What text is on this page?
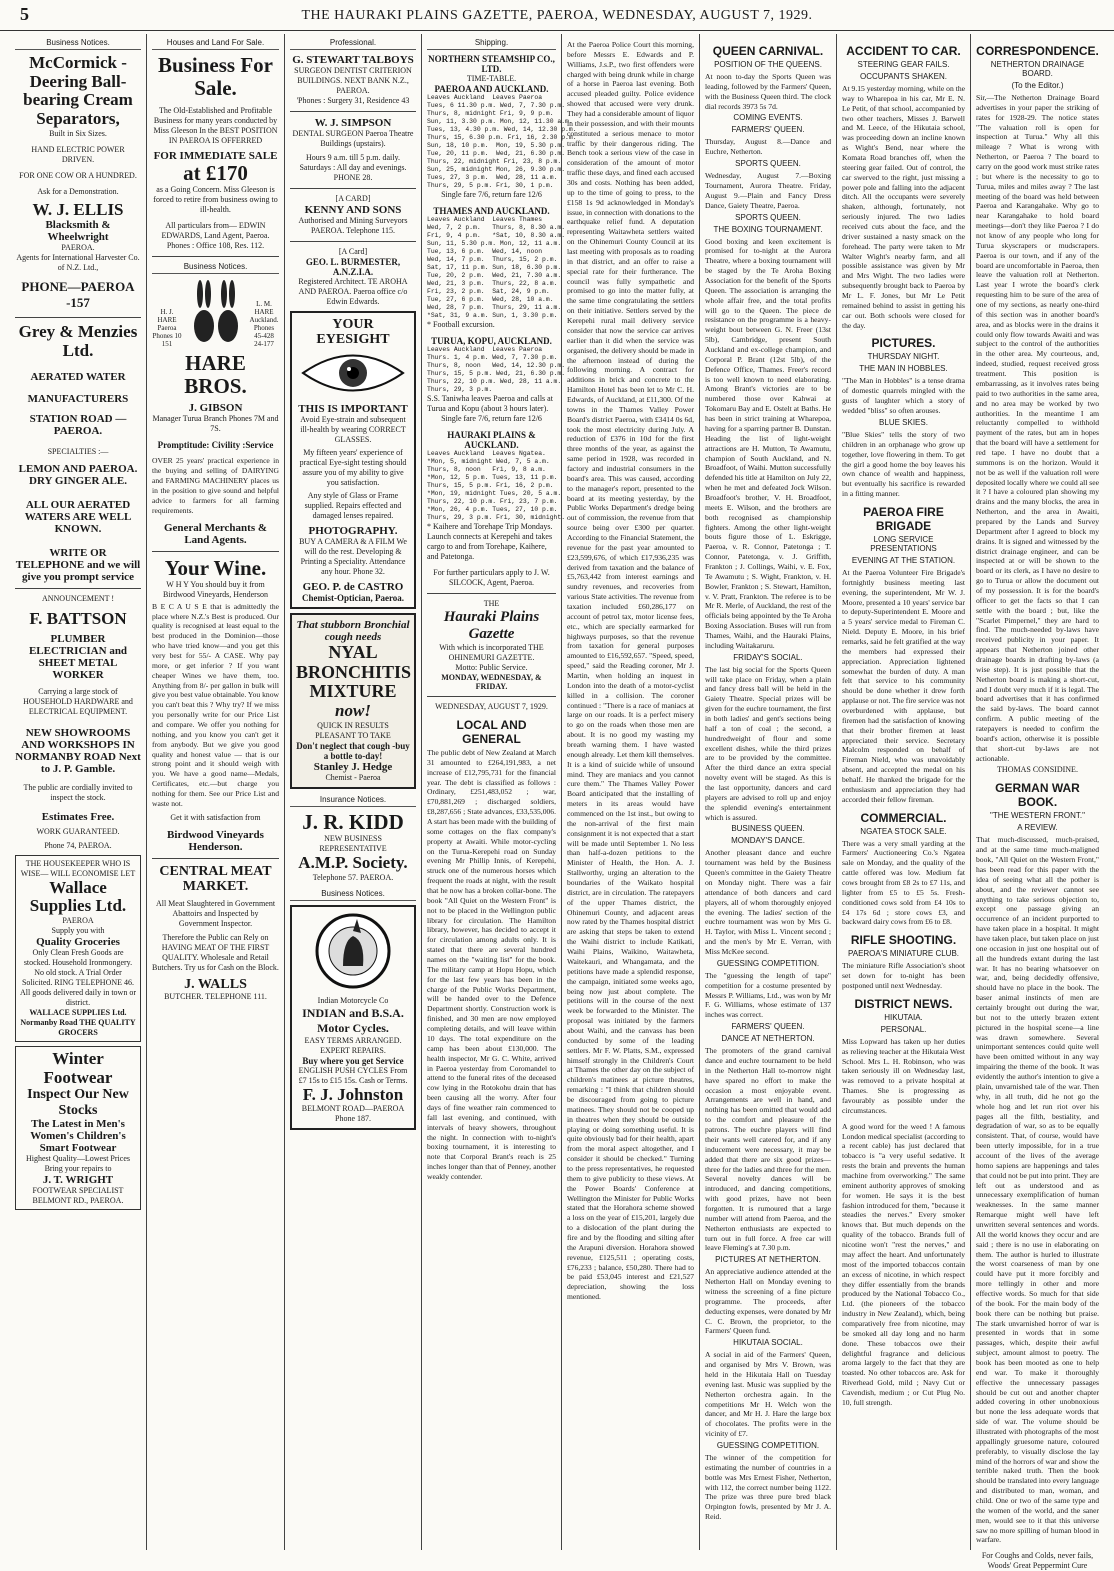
5	THE HAURAKI PLAINS GAZETTE, PAEROA, WEDNESDAY, AUGUST 7, 1929.
Business Notices.
McCormick - Deering Ball-bearing Cream Separators,
Built in Six Sizes.
HAND ELECTRIC POWER DRIVEN.
FOR ONE COW OR A HUNDRED.
Ask for a Demonstration.
W. J. ELLIS
Blacksmith & Wheelwright
PAEROA.
Agents for International Harvester Co. of N.Z. Ltd.,
PHONE—PAEROA -157
Grey & Menzies Ltd.
AERATED WATER
MANUFACTURERS
STATION ROAD — PAEROA.
SPECIALTIES :—
LEMON AND PAEROA. DRY GINGER ALE.
ALL OUR AERATED WATERS ARE WELL KNOWN.
WRITE OR TELEPHONE and we will give you prompt service
ANNOUNCEMENT !
F. BATTSON
PLUMBER ELECTRICIAN and SHEET METAL WORKER
Carrying a large stock of HOUSEHOLD HARDWARE and ELECTRICAL EQUIPMENT.
NEW SHOWROOMS AND WORKSHOPS IN NORMANBY ROAD Next to J. P. Gamble.
The public are cordially invited to inspect the stock.
Estimates Free.
WORK GUARANTEED.
Phone 74, PAEROA.
THE HOUSEKEEPER WHO IS WISE— WILL ECONOMISE LET
Wallace Supplies Ltd.
PAEROA
Supply you with
Quality Groceries
Only Clean Fresh Goods are stocked. Household Ironmongery. No old stock. A Trial Order Solicited. RING TELEPHONE 46.
All goods delivered daily in town or district.
WALLACE SUPPLIES Ltd. Normanby Road THE QUALITY GROCERS
Winter Footwear
Inspect Our New Stocks
The Latest in Men's Women's Children's Smart Footwear
Highest Quality—Lowest Prices
Bring your repairs to
J. T. WRIGHT
FOOTWEAR SPECIALIST BELMONT RD., PAEROA.
Houses and Land For Sale.
Business For Sale.
The Old-Established and Profitable Business for many years conducted by Miss Gleeson In the BEST POSITION IN PAEROA IS OFFERRED
FOR IMMEDIATE SALE
at £170
as a Going Concern. Miss Gleeson is forced to retire from business owing to ill-health.
All particulars from— EDWIN EDWARDS, Land Agent, Paeroa. Phones : Office 108, Res. 112.
Business Notices.
H. J. HARE Paeroa Phones 10 151
L. M. HARE Auckland. Phones 45-428 24-177
HARE BROS.
J. GIBSON
Manager Turua Branch Phones 7M and 7S.
Promptitude: Civility :Service
OVER 25 years' practical experience in the buying and selling of DAIRYING and FARMING MACHINERY places us in the position to give sound and helpful advice to farmers for all farming requirements.
General Merchants & Land Agents.
Your Wine.
W H Y You should buy it from Birdwood Vineyards, Henderson
B E C A U S E that is admittedly the place where N.Z.'s Best is produced. Our quality is recognised at least equal to the best produced in the Dominion—those who have tried know—and you get this very best for 55/- A CASE. Why pay more, or get inferior ? If you want cheaper Wines we have them, too. Anything from 8/- per gallon in bulk will give you best value obtainable. You know you can't beat this ? Why try? If we miss you personally write for our Price List and compare. We offer you nothing for nothing, and you know you can't get it from anybody. But we give you good quality and honest value — that is our strong point and it should weigh with you. We have a good name—Medals, Certificates, etc.—but charge you nothing for them. See our Price List and waste not.
Get it with satisfaction from
Birdwood Vineyards Henderson.
CENTRAL MEAT MARKET.
All Meat Slaughtered in Government Abattoirs and Inspected by Government Inspector.
Therefore the Public can Rely on HAVING MEAT OF THE FIRST QUALITY. Wholesale and Retail Butchers. Try us for Cash on the Block.
J. WALLS
BUTCHER. TELEPHONE 111.
Professional.
G. STEWART TALBOYS
SURGEON DENTIST CRITERION BUILDINGS. NEXT BANK N.Z., PAEROA.
'Phones : Surgery 31, Residence 43
W. J. SIMPSON
DENTAL SURGEON Paeroa Theatre Buildings (upstairs).
Hours 9 a.m. till 5 p.m. daily. Saturdays : All day and evenings.
PHONE 28.
[A CARD]
KENNY AND SONS
Authorised and Mining Surveyors PAEROA. Telephone 115.
[A Card]
GEO. L. BURMESTER, A.N.Z.I.A.
Registered Architect. TE AROHA AND PAEROA. Paeroa office c/o Edwin Edwards.
YOUR EYESIGHT
THIS IS IMPORTANT
Avoid Eye-strain and subsequent ill-health by wearing CORRECT GLASSES.
My fifteen years' experience of practical Eye-sight testing should assure you of my ability to give you satisfaction.
Any style of Glass or Frame supplied. Repairs effected and damaged lenses repaired.
PHOTOGRAPHY.
BUY A CAMERA & A FILM We will do the rest. Developing & Printing a Speciality. Attendance any hour. Phone 32.
GEO. P. de CASTRO
Chemist-Optician, Paeroa.
That stubborn Bronchial cough needs
NYAL BRONCHITIS MIXTURE
now!
QUICK IN RESULTS PLEASANT TO TAKE
Don't neglect that cough -buy a bottle to-day!
Stanley J. Hedge
Chemist - Paeroa
Insurance Notices.
J. R. KIDD
NEW BUSINESS REPRESENTATIVE
A.M.P. Society.
Telephone 57. PAEROA.
Business Notices.
Indian Motorcycle Co
INDIAN and B.S.A. Motor Cycles.
EASY TERMS ARRANGED. EXPERT REPAIRS.
Buy where you get Service
ENGLISH PUSH CYCLES From £7 15s to £15 15s. Cash or Terms.
F. J. Johnston
BELMONT ROAD—PAEROA Phone 187.
Shipping.
NORTHERN STEAMSHIP CO., LTD.
TIME-TABLE.
PAEROA AND AUCKLAND.
Leaves Auckland  Leaves Paeroa
Tues, 6 11.30 p.m. Wed, 7, 7.30 p.m.
Thurs, 8, midnight Fri, 9, 9 p.m.
Sun, 11, 3.30 p.m. Mon, 12, 11.30 a.m.
Tues, 13, 4.30 p.m. Wed, 14, 12.30 p.m.
Thurs, 15, 6.30 p.m. Fri, 16, 2.30 p.m.
Sun, 18, 10 p.m.  Mon, 19, 5.30 p.m.
Tue, 20, 11 p.m.  Wed, 21, 6.30 p.m.
Thurs, 22, midnight Fri, 23, 8 p.m.
Sun, 25, midnight Mon, 26, 9.30 p.m.
Tues, 27, 3 p.m.  Wed, 28, 11 a.m.
Thurs, 29, 5 p.m. Fri, 30, 1 p.m.
Single fare 7/6, return fare 12/6
THAMES AND AUCKLAND.
Leaves Auckland  Leaves Thames
Wed, 7, 2 p.m.   Thurs, 8, 8.30 a.m.
Fri, 9, 4 p.m.   *Sat, 10, 8.30 a.m.
Sun, 11, 5.30 p.m. Mon, 12, 11 a.m.
Tue, 13, 6 p.m.  Wed, 14, noon
Wed, 14, 7 p.m.  Thurs, 15, 2 p.m.
Sat, 17, 11 p.m. Sun, 18, 6.30 p.m.
Tue, 20, 2 p.m.  Wed, 21, 7.30 a.m.
Wed, 21, 3 p.m.  Thurs, 22, 8 a.m.
Fri, 23, 2 p.m.  Sat, 24, 9 p.m.
Tue, 27, 6 p.m.  Wed, 28, 10 a.m.
Wed, 28, 7 p.m.  Thurs, 29, 11 a.m.
*Sat, 31, 9 a.m. Sun, 1, 3.30 p.m.
* Football excursion.
TURUA, KOPU, AUCKLAND.
Leaves Auckland  Leaves Paeroa
Thurs. 1, 4 p.m. Wed, 7, 7.30 p.m.
Thurs, 8, noon   Wed, 14, 12.30 p.m.
Thurs, 15, 5 p.m. Wed, 21, 6.30 p.m.
Thurs, 22, 10 p.m. Wed, 28, 11 a.m.
Thurs, 29, 3 p.m.
S.S. Taniwha leaves Paeroa and calls at Turua and Kopu (about 3 hours later).
Single fare 7/6, return fare 12/6
HAURAKI PLAINS & AUCKLAND.
Leaves Auckland  Leaves Ngatea.
*Mon, 5, midnight Wed, 7, 5 a.m.
Thurs, 8, noon   Fri, 9, 8 a.m.
*Mon, 12, 5 p.m. Tues, 13, 11 p.m.
Thurs, 15, 5 p.m. Fri, 16, 2 p.m.
*Mon, 19, midnight Tues, 20, 5 a.m.
Thurs, 22, 10 p.m. Fri, 23, 7 p.m.
*Mon, 26, 4 p.m. Tues, 27, 10 p.m.
Thurs, 29, 3 p.m. Fri, 30, midnight.
* Kaihere and Torehape Trip Mondays. Launch connects at Kerepehi and takes cargo to and from Torehape, Kaihere, and Patetonga.
For further particulars apply to J. W. SILCOCK, Agent, Paeroa.
THE
Hauraki Plains Gazette
With which is incorporated THE OHINEMURI GAZETTE.
Motto: Public Service.
MONDAY, WEDNESDAY, & FRIDAY.
WEDNESDAY, AUGUST 7, 1929.
LOCAL AND GENERAL
The public debt of New Zealand at March 31 amounted to £264,191,983, a net increase of £12,795,731 for the financial year. The debt is classified as follows : Ordinary, £251,483,052 ; war, £70,881,269 ; discharged soldiers, £8,287,656 ; State advances, £33,535,006. A start has been made with the building of some cottages on the flax company's property at Awaiti. While motor-cycling on the Turua-Kerepehi road on Sunday evening Mr Phillip Innis, of Kerepehi, struck one of the numerous horses which frequent the roads at night, with the result that he now has a broken collar-bone. The book "All Quiet on the Western Front" is not to be placed in the Wellington public library for circulation. The Hamilton library, however, has decided to accept it for circulation among adults only. It is stated that there are several hundred names on the "waiting list" for the book. The military camp at Hopu Hopu, which for the last few years has been in the charge of the Public Works Department, will be handed over to the Defence Department shortly. Construction work is finished, and 30 men are now employed completing details, and will leave within 10 days. The total expenditure on the camp has been about £130,000. The health inspector, Mr G. C. White, arrived in Paeroa yesterday from Coromandel to attend to the funeral rites of the deceased cow lying in the Rotokohu drain that has been causing all the worry. After four days of fine weather rain commenced to fall last evening, and continued, with intervals of heavy showers, throughout the night. In connection with to-night's boxing tournament, it is interesting to note that Corporal Brant's reach is 25 inches longer than that of Penney, another weakly contender.
At the Paeroa Police Court this morning, before Messrs E. Edwards and P. Williams, J.s.P., two first offenders were charged with being drunk while in charge of a horse in Paeroa last evening. Both accused pleaded guilty. Police evidence showed that accused were very drunk. They had a considerable amount of liquor in their possession, and with their mounts constituted a serious menace to motor traffic by their dangerous riding. The Bench took a serious view of the case in consideration of the amount of motor traffic these days, and fined each accused 30s and costs. Nothing has been added, up to the time of going to press, to the £158 1s 9d acknowledged in Monday's issue, in connection with donations to the earthquake relief fund. A deputation representing Waitawheta settlers waited on the Ohinemuri County Council at its last meeting with proposals as to roading in that district, and an offer to raise a special rate for their furtherance. The council was fully sympathetic and promised to go into the matter fully, at the same time congratulating the settlers on their initiative. Settlers served by the Kerepehi rural mail delivery service consider that now the service car arrives earlier than it did when the service was organised, the delivery should be made in the afternoon instead of during the following morning. A contract for additions in brick and concrete to the Hamilton Hotel has been let to Mr C. H. Edwards, of Auckland, at £11,300. Of the towns in the Thames Valley Power Board's district Paeroa, with £3414 0s 6d, took the most electricity during July. A reduction of £376 in 10d for the first three months of the year, as against the same period in 1928, was recorded in factory and industrial consumers in the board's area. This was caused, according to the manager's report, presented to the board at its meeting yesterday, by the Public Works Department's dredge being out of commission, the revenue from that source being over £300 per quarter. According to the Financial Statement, the revenue for the past year amounted to £23,599,676, of which £17,936,235 was derived from taxation and the balance of £5,763,442 from interest earnings and sundry revenues, and recoveries from various State activities. The revenue from taxation included £60,286,177 on account of petrol tax, motor license fees, etc., which are specially earmarked for highways purposes, so that the revenue from taxation for general purposes amounted to £16,592,657. "Speed, speed, speed," said the Reading coroner, Mr J. Martin, when holding an inquest in London into the death of a motor-cyclist killed in a collision. The coroner continued : "There is a race of maniacs at large on our roads. It is a perfect misery to go on the roads when those men are about. It is no good my wasting my breath warning them. I have wasted enough already. Let them kill themselves. It is a kind of suicide while of unsound mind. They are maniacs and you cannot cure them." The Thames Valley Power Board anticipated that the installing of meters in its areas would have commenced on the 1st inst., but owing to the non-arrival of the first main consignment it is not expected that a start will be made until September 1. No less than half-a-dozen petitions to the Minister of Health, the Hon. A. J. Stallworthy, urging an alteration to the boundaries of the Waikato hospital district, are in circulation. The ratepayers of the upper Thames district, the Ohinemuri County, and adjacent areas now rated by the Thames hospital district are asking that steps be taken to extend the Waihi district to include Katikati, Waihi Plains, Waikino, Waitawheta, Waitekauri, and Whangamata, and the petitions have made a splendid response, the campaign, initiated some weeks ago, being now just about complete. The petitions will in the course of the next week be forwarded to the Minister. The proposal was initiated by the farmers about Waihi, and the canvass has been conducted by some of the leading settlers. Mr F. W. Platts, S.M., expressed himself strongly in the Children's Court at Thames the other day on the subject of children's matinees at picture theatres, remarking : "I think that children should be discouraged from going to picture matinees. They should not be cooped up in theatres when they should be outside playing or doing something useful. It is quite obviously bad for their health, apart from the moral aspect altogether, and I consider it should be checked." Turning to the press representatives, he requested them to give publicity to these views. At the Power Boards' Conference at Wellington the Minister for Public Works stated that the Horahora scheme showed a loss on the year of £15,201, largely due to a dislocation of the plant during the fire and by the flooding and silting after the Arapuni diversion. Horahora showed revenue, £125,511 ; operating costs, £76,233 ; balance, £50,280. There had to be paid £53,045 interest and £21,527 depreciation, showing the loss mentioned.
QUEEN CARNIVAL.
POSITION OF THE QUEENS.
At noon to-day the Sports Queen was leading, followed by the Farmers' Queen, with the Business Queen third. The clock dial records 3973 5s 7d.
COMING EVENTS.
FARMERS' QUEEN.
Thursday, August 8.—Dance and Euchre, Netherton.
SPORTS QUEEN.
Wednesday, August 7.—Boxing Tournament, Aurora Theatre. Friday, August 9.—Plain and Fancy Dress Dance, Gaiety Theatre, Paeroa.
SPORTS QUEEN.
THE BOXING TOURNAMENT.
Good boxing and keen excitement is promised for to-night at the Aurora Theatre, where a boxing tournament will be staged by the Te Aroha Boxing Association for the benefit of the Sports Queen. The association is arranging the whole affair free, and the total profits will go to the Queen. The piece de resistance on the programme is a heavy-weight bout between G. N. Freer (13st 5lb), Cambridge, present South Auckland and ex-college champion, and Corporal P. Brant (12st 5lb), of the Defence Office, Thames. Freer's record is too well known to need elaborating. Among Brant's victories are to be numbered those over Kahwai at Tokomaru Bay and E. Ostelt at Baths. He has been in strict training at Wharepoa, having for a sparring partner B. Dunstan. Heading the list of light-weight attractions are H. Mutton, Te Awamutu, champion of South Auckland, and N. Broadfoot, of Waihi. Mutton successfully defended his title at Hamilton on July 22, when he met and defeated Jock Wilson. Broadfoot's brother, V. H. Broadfoot, meets E. Wilson, and the brothers are both recognised as championship fighters. Among the other light-weight bouts figure those of L. Eskrigge, Paeroa, v. R. Connor, Patetonga ; T. Connor, Patetonga, v. J. Griffith, Frankton ; J. Collings, Waihi, v. E. Fox, Te Awamutu ; S. Wight, Frankton, v. H. Bowler, Frankton ; S. Stewart, Hamilton, v. V. Pratt, Frankton. The referee is to be Mr R. Merle, of Auckland, the rest of the officials being appointed by the Te Aroha Boxing Association. Buses will run from Thames, Waihi, and the Hauraki Plains, including Waitakaruru.
FRIDAY'S SOCIAL.
The last big social for the Sports Queen will take place on Friday, when a plain and fancy dress ball will be held in the Gaiety Theatre. Special prizes will be given for the euchre tournament, the first in both ladies' and gent's sections being half a ton of coal ; the second, a hundredweight of flour and some excellent dishes, while the third prizes are to be provided by the committee. After the third dance an extra special novelty event will be staged. As this is the last opportunity, dancers and card players are advised to roll up and enjoy the splendid evening's entertainment which is assured.
BUSINESS QUEEN.
MONDAY'S DANCE.
Another pleasant dance and euchre tournament was held by the Business Queen's committee in the Gaiety Theatre on Monday night. There was a fair attendance of both dancers and card players, all of whom thoroughly enjoyed the evening. The ladies' section of the euchre tournament was won by Mrs G. H. Taylor, with Miss L. Vincent second ; and the men's by Mr E. Verran, with Miss McKee second.
GUESSING COMPETITION.
The "guessing the length of tape" competition for a costume presented by Messrs P. Williams, Ltd., was won by Mr F. G. Williams, whose estimate of 137 inches was correct.
FARMERS' QUEEN.
DANCE AT NETHERTON.
The promoters of the grand carnival dance and euchre tournament to be held in the Netherton Hall to-morrow night have spared no effort to make the occasion a most enjoyable event. Arrangements are well in hand, and nothing has been omitted that would add to the comfort and pleasure of the patrons. The euchre players will find their wants well catered for, and if any inducement were necessary, it may be added that there are six good prizes—three for the ladies and three for the men. Several novelty dances will be introduced, and dancing competitions, with good prizes, have not been forgotten. It is rumoured that a large number will attend from Paeroa, and the Netherton enthusiasts are expected to turn out in full force. A free car will leave Fleming's at 7.30 p.m.
PICTURES AT NETHERTON.
An appreciative audience attended at the Netherton Hall on Monday evening to witness the screening of a fine picture programme. The proceeds, after deducting expenses, were donated by Mr C. C. Brown, the proprietor, to the Farmers' Queen fund.
HIKUTAIA SOCIAL.
A social in aid of the Farmers' Queen, and organised by Mrs V. Brown, was held in the Hikutaia Hall on Tuesday evening last. Music was supplied by the Netherton orchestra again. In the competitions Mr H. Welch won the dancer, and Mr H. J. Hare the large box of chocolates. The profits were in the vicinity of £7.
GUESSING COMPETITION.
The winner of the competition for estimating the number of countries in a bottle was Mrs Ernest Fisher, Netherton, with 112, the correct number being 1122. The prize was three pure bred black Orpington fowls, presented by Mr J. A. Reid.
ACCIDENT TO CAR.
STEERING GEAR FAILS.
OCCUPANTS SHAKEN.
At 9.15 yesterday morning, while on the way to Wharepoa in his car, Mr E. N. Le Petit, of that school, accompanied by two other teachers, Misses J. Barwell and M. Leece, of the Hikutaia school, was proceeding down an incline known as Wight's Bend, near where the Komata Road branches off, when the steering gear failed. Out of control, the car swerved to the right, just missing a power pole and falling into the adjacent ditch. All the occupants were severely shaken, although, fortunately, not seriously injured. The two ladies received cuts about the face, and the driver sustained a nasty smack on the forehead. The party were taken to Mr Walter Wight's nearby farm, and all possible assistance was given by Mr and Mrs Wight. The two ladies were subsequently brought back to Paeroa by Mr L. F. Jones, but Mr Le Petit remained behind to assist in getting his car out. Both schools were closed for the day.
PICTURES.
THURSDAY NIGHT.
THE MAN IN HOBBLES.
"The Man in Hobbles" is a tense drama of domestic quarrels mingled with the gusts of laughter which a story of wedded "bliss" so often arouses.
BLUE SKIES.
"Blue Skies" tells the story of two children in an orphanage who grow up together, love flowering in them. To get the girl a good home the boy leaves his own chance of wealth and happiness, but eventually his sacrifice is rewarded in a fitting manner.
PAEROA FIRE BRIGADE
LONG SERVICE PRESENTATIONS
EVENING AT THE STATION.
At the Paeroa Volunteer Fire Brigade's fortnightly business meeting last evening, the superintendent, Mr W. J. Moore, presented a 10 years' service bar to deputy-Superintendent E. Moore and a 5 years' service medal to Fireman C. Nield. Deputy E. Moore, in his brief remarks, said he felt gratified at the way the members had expressed their appreciation. Appreciation lightened somewhat the burden of duty. A man felt that service to his community should be done whether it drew forth applause or not. The fire service was not overburdened with applause, but firemen had the satisfaction of knowing that their brother firemen at least appreciated their service. Secretary Malcolm responded on behalf of Fireman Nield, who was unavoidably absent, and accepted the medal on his behalf. He thanked the brigade for the enthusiasm and appreciation they had accorded their fellow fireman.
COMMERCIAL.
NGATEA STOCK SALE.
There was a very small yarding at the Farmers' Auctioneering Co.'s Ngatea sale on Monday, and the quality of the cattle offered was low. Medium fat cows brought from £8 2s to £7 11s, and lighter from £5 to £5 5s. Fresh-conditioned cows sold from £4 10s to £4 17s 6d ; store cows £3, and backward dairy cows from £6 to £8.
RIFLE SHOOTING.
PAEROA'S MINIATURE CLUB.
The miniature Rifle Association's shoot set down for to-night has been postponed until next Wednesday.
DISTRICT NEWS.
HIKUTAIA.
PERSONAL.
Miss Lopward has taken up her duties as relieving teacher at the Hikutaia West School. Mrs L. H. Robinson, who was taken seriously ill on Wednesday last, was removed to a private hospital at Thames. She is progressing as favourably as possible under the circumstances.
A good word for the weed ! A famous London medical specialist (according to a recent cable) has just declared that tobacco is "a very useful sedative. It rests the brain and prevents the human machine from overworking." The same eminent authority approves of smoking for women. He says it is the best fashion introduced for them, "because it steadies the nerves." Every smoker knows that. But much depends on the quality of the tobacco. Brands full of nicotine won't "rest the nerves," and may affect the heart. And unfortunately most of the imported tobaccos contain an excess of nicotine, in which respect they differ essentially from the brands produced by the National Tobacco Co., Ltd. (the pioneers of the tobacco industry in New Zealand), which, being comparatively free from nicotine, may be smoked all day long and no harm done. These tobaccos owe their delightful fragrance and delicious aroma largely to the fact that they are toasted. No other tobaccos are. Ask for Riverhead Gold, mild ; Navy Cut or Cavendish, medium ; or Cut Plug No. 10, full strength.
CORRESPONDENCE.
NETHERTON DRAINAGE BOARD.
(To the Editor.)
Sir,—The Netherton Drainage Board advertises in your paper the striking of rates for 1928-29. The notice states "The valuation roll is open for inspection at Turua." Why all this mileage ? What is wrong with Netherton, or Paeroa ? The board to carry on the good work must strike rates ; but where is the necessity to go to Turua, miles and miles away ? The last meeting of the board was held between Paeroa and Karangahake. Why go to near Karangahake to hold board meetings—don't they like Paeroa ? I do not know of any people who long for Turua skyscrapers or mudscrapers. Paeroa is our town, and if any of the board are uncomfortable in Paeroa, then leave the valuation roll at Netherton. Last year I wrote the board's clerk requesting him to be sure of the area of one of my sections, as nearly one-third of this section was in another board's area, and as blocks were in the drains it could only flow towards Awaiti and was subject to the control of the authorities in the other area. My courteous, and, indeed, studied, request received gross treatment. This position is embarrassing, as it involves rates being paid to two authorities in the same area, and no area may be worked by two authorities. In the meantime I am reluctantly compelled to withhold payment of the rates, but am in hopes that the board will have a settlement for red tape. I have no doubt that a summons is on the horizon. Would it not be as well if the valuation roll were deposited locally where we could all see it ? I have a coloured plan showing my drains and the many blocks, the area in Netherton, and the area in Awaiti, prepared by the Lands and Survey Department after I agreed to block my drains. It is signed and witnessed by the district drainage engineer, and can be inspected at or will be shown to the board or its clerk, as I have no desire to go to Turua or allow the document out of my possession. It is for the board's officer to get the facts so that I can settle with the board ; but, like the "Scarlet Pimpernel," they are hard to find. The much-needed by-laws have received publicity in your paper. It appears that Netherton joined other drainage boards in drafting by-laws (a wise step). It is just possible that the Netherton board is making a short-cut, and I doubt very much if it is legal. The board advertises that it has confirmed the said by-laws. The board cannot confirm. A public meeting of the ratepayers is needed to confirm the board's action, otherwise it is possible that short-cut by-laws are not actionable.
THOMAS CONSIDINE.
GERMAN WAR BOOK.
"THE WESTERN FRONT."
A REVIEW.
That much-discussed, much-praised, and at the same time much-maligned book, "All Quiet on the Western Front," has been read for this paper with the idea of seeing what all the pother is about, and the reviewer cannot see anything to take serious objection to, except one passage giving an occurrence of an incident purported to have taken place in a hospital. It might have taken place, but taken place on just one occasion in just one hospital out of all the hundreds extant during the last war. It has no bearing whatsoever on war, and, being decidedly offensive, should have no place in the book. The baser animal instincts of men are certainly brought out during the war, but not to the utterly brazen extent pictured in the hospital scene—a line was drawn somewhere. Several unimportant sentences could quite well have been omitted without in any way impairing the theme of the book. It was evidently the author's intention to give a plain, unvarnished tale of the war. Then why, in all truth, did he not go the whole hog and let run riot over his pages all the filth, bestiality, and degradation of war, so as to be equally consistent. That, of course, would have been utterly impossible, for in a true account of the lives of the average homo sapiens are happenings and tales that could not be put into print. They are left out as understood and as unnecessary exemplification of human weaknesses. In the same manner Remarque might well have left unwritten several sentences and words. All the world knows they occur and are said ; there is no use in elaborating on them. The author is hurled to illustrate the worst coarseness of man by one could have put it more forcibly and more tellingly in other and more effective words. So much for that side of the book. For the main body of the book there can be nothing but praise. The stark unvarnished horror of war is presented in words that in some passages, which, despite their awful subject, amount almost to poetry. The book has been mooted as one to help end war. To make it thoroughly effective the unnecessary passages should be cut out and another chapter added covering in other unobnoxious but none the less adequate words that side of war. The volume should be illustrated with photographs of the most appallingly gruesome nature, coloured preferably, to visually disclose the lay mind of the horrors of war and show the terrible naked truth. Then the book should be translated into every language and distributed to man, woman, and child. One or two of the same type and the women of the world, and the saner men, would see to it that this universe saw no more spilling of human blood in warfare.
For Coughs and Colds, never fails, Woods' Great Peppermint Cure
